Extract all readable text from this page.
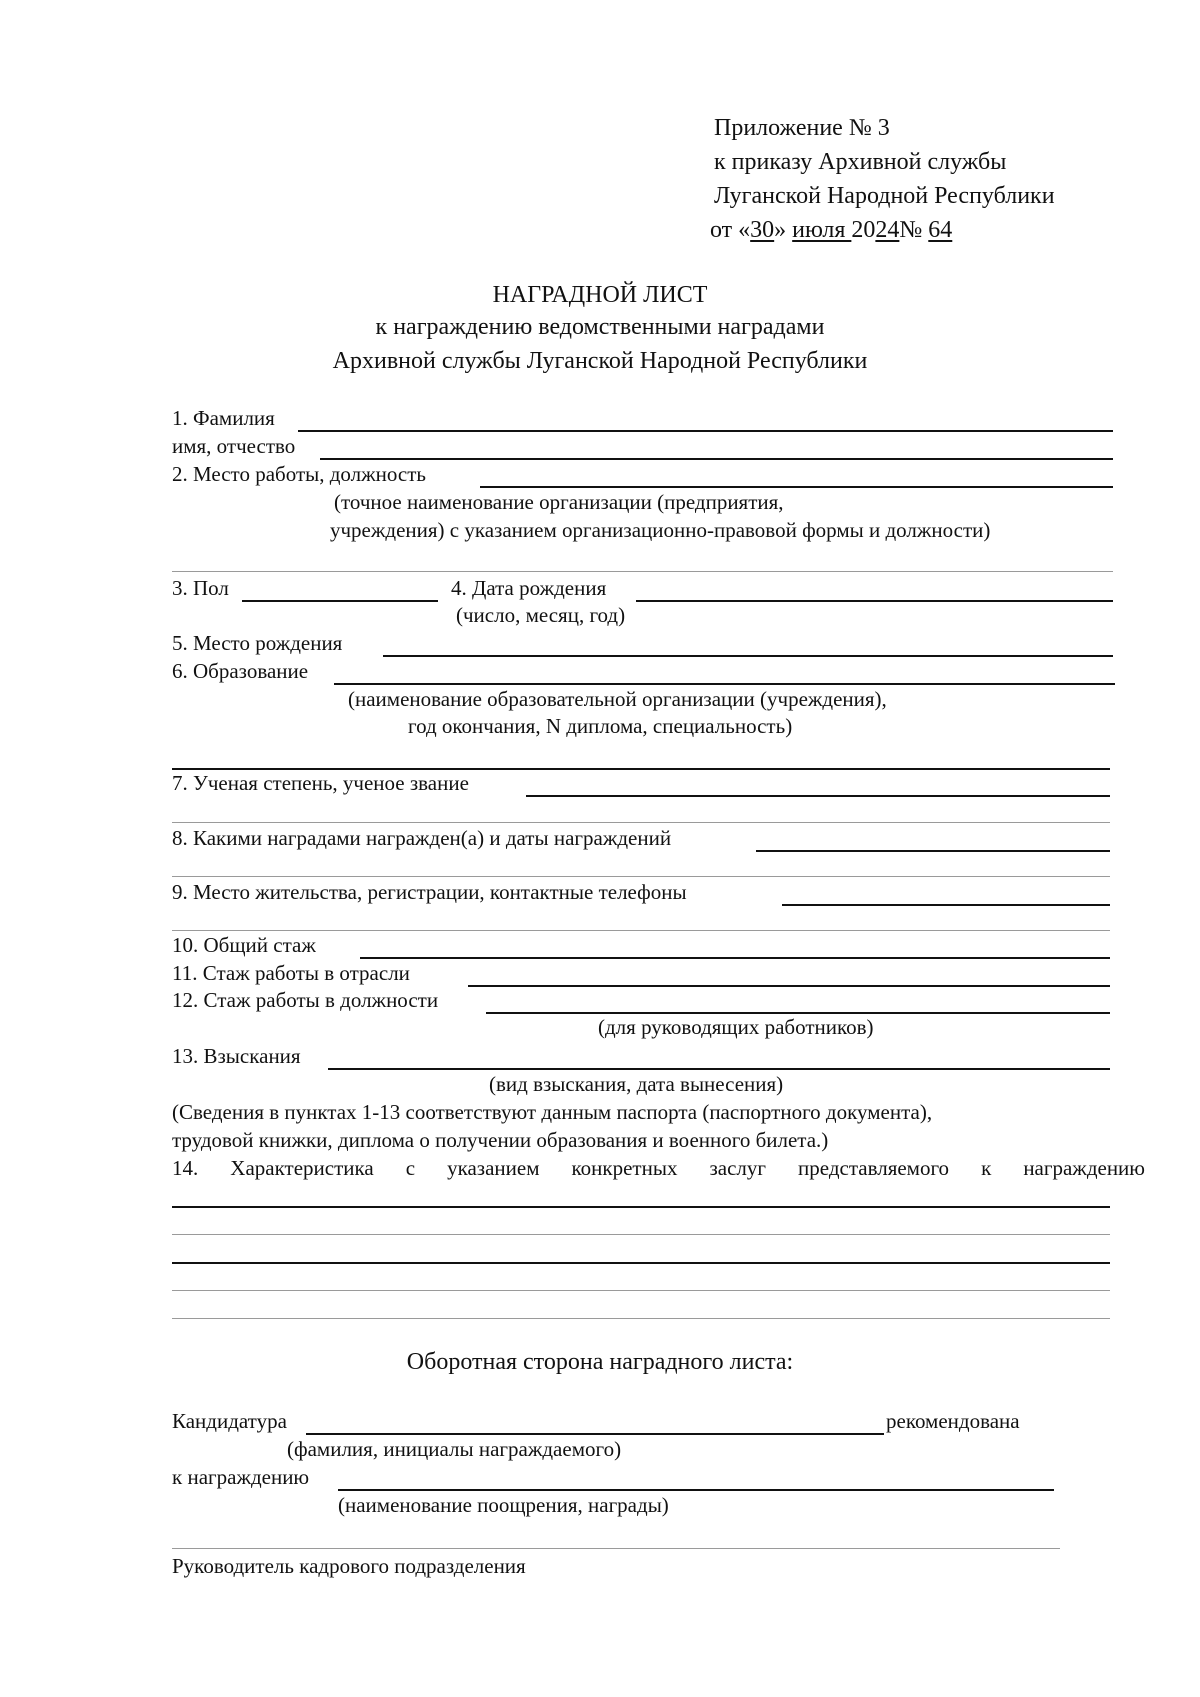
Приложение № 3
к приказу Архивной службы
Луганской Народной Республики
от «30» июля 2024№ 64
НАГРАДНОЙ ЛИСТ
к награждению ведомственными наградами
Архивной службы Луганской Народной Республики
1. Фамилия
имя, отчество
2. Место работы, должность
(точное наименование организации (предприятия,
учреждения) с указанием организационно-правовой формы и должности)
3. Пол	4. Дата рождения
(число, месяц, год)
5. Место рождения
6. Образование
(наименование образовательной организации (учреждения),
год окончания, N диплома, специальность)
7. Ученая степень, ученое звание
8. Какими наградами награжден(а) и даты награждений
9. Место жительства, регистрации, контактные телефоны
10. Общий стаж
11. Стаж работы в отрасли
12. Стаж работы в должности
(для руководящих работников)
13. Взыскания
(вид взыскания, дата вынесения)
(Сведения в пунктах 1-13 соответствуют данным паспорта (паспортного документа),
трудовой книжки, диплома о получении образования и военного билета.)
14. Характеристика с указанием конкретных заслуг представляемого к награждению
Оборотная сторона наградного листа:
Кандидатура	рекомендована
(фамилия, инициалы награждаемого)
к награждению
(наименование поощрения, награды)
Руководитель кадрового подразделения
